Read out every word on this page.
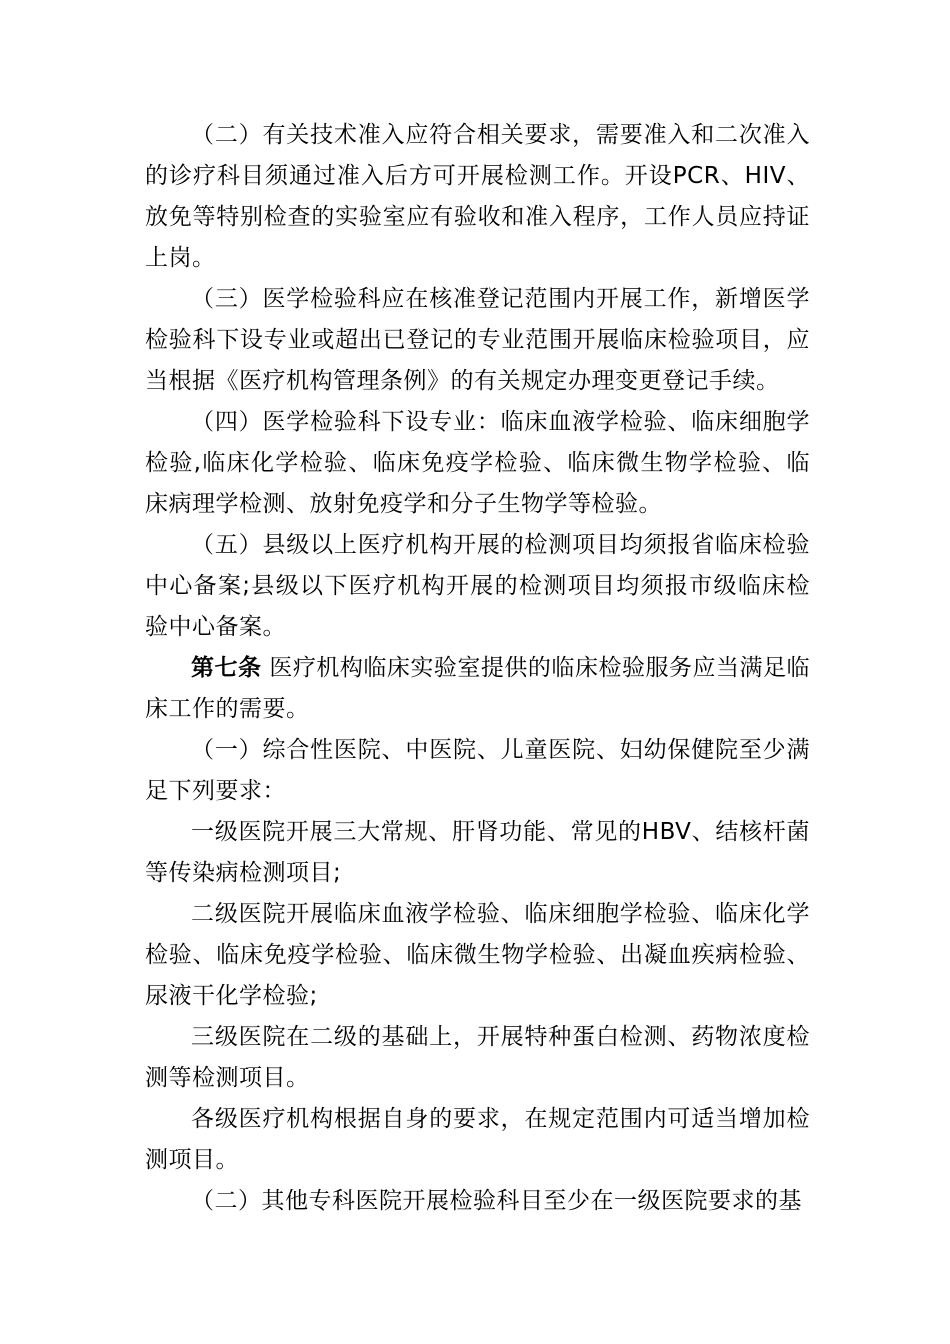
（二）有关技术准入应符合相关要求，需要准入和二次准入的诊疗科目须通过准入后方可开展检测工作。开设PCR、HIV、放免等特别检查的实验室应有验收和准入程序，工作人员应持证上岗。

（三）医学检验科应在核准登记范围内开展工作，新增医学检验科下设专业或超出已登记的专业范围开展临床检验项目，应当根据《医疗机构管理条例》的有关规定办理变更登记手续。

（四）医学检验科下设专业：临床血液学检验、临床细胞学检验,临床化学检验、临床免疫学检验、临床微生物学检验、临床病理学检测、放射免疫学和分子生物学等检验。

（五）县级以上医疗机构开展的检测项目均须报省临床检验中心备案;县级以下医疗机构开展的检测项目均须报市级临床检验中心备案。

第七条 医疗机构临床实验室提供的临床检验服务应当满足临床工作的需要。

（一）综合性医院、中医院、儿童医院、妇幼保健院至少满足下列要求：

一级医院开展三大常规、肝肾功能、常见的HBV、结核杆菌等传染病检测项目;

二级医院开展临床血液学检验、临床细胞学检验、临床化学检验、临床免疫学检验、临床微生物学检验、出凝血疾病检验、尿液干化学检验;

三级医院在二级的基础上，开展特种蛋白检测、药物浓度检测等检测项目。

各级医疗机构根据自身的要求，在规定范围内可适当增加检测项目。

（二）其他专科医院开展检验科目至少在一级医院要求的基
